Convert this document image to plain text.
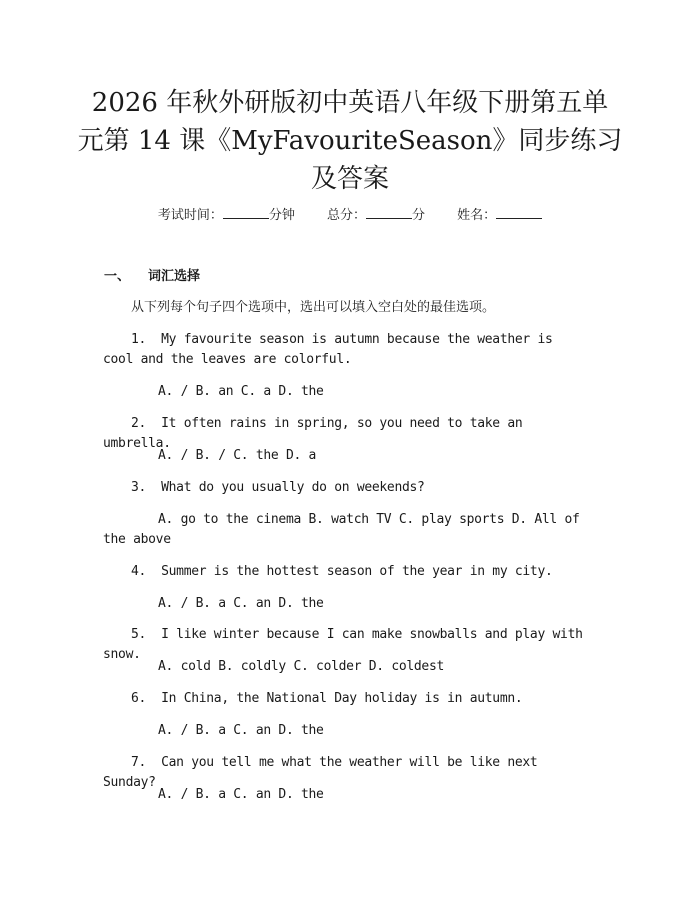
2026 年秋外研版初中英语八年级下册第五单
元第 14 课《MyFavouriteSeason》同步练习
及答案
考试时间：	分钟 总分：	分 姓名：
一、 词汇选择
从下列每个句子四个选项中，选出可以填入空白处的最佳选项。
1. My favourite season is autumn because the weather is cool and the leaves are colorful.
A. / B. an C. a D. the
2. It often rains in spring, so you need to take an umbrella.
A. / B. / C. the D. a
3. What do you usually do on weekends?
A. go to the cinema B. watch TV C. play sports D. All of the above
4. Summer is the hottest season of the year in my city.
A. / B. a C. an D. the
5. I like winter because I can make snowballs and play with snow.
A. cold B. coldly C. colder D. coldest
6. In China, the National Day holiday is in autumn.
A. / B. a C. an D. the
7. Can you tell me what the weather will be like next Sunday?
A. / B. a C. an D. the
